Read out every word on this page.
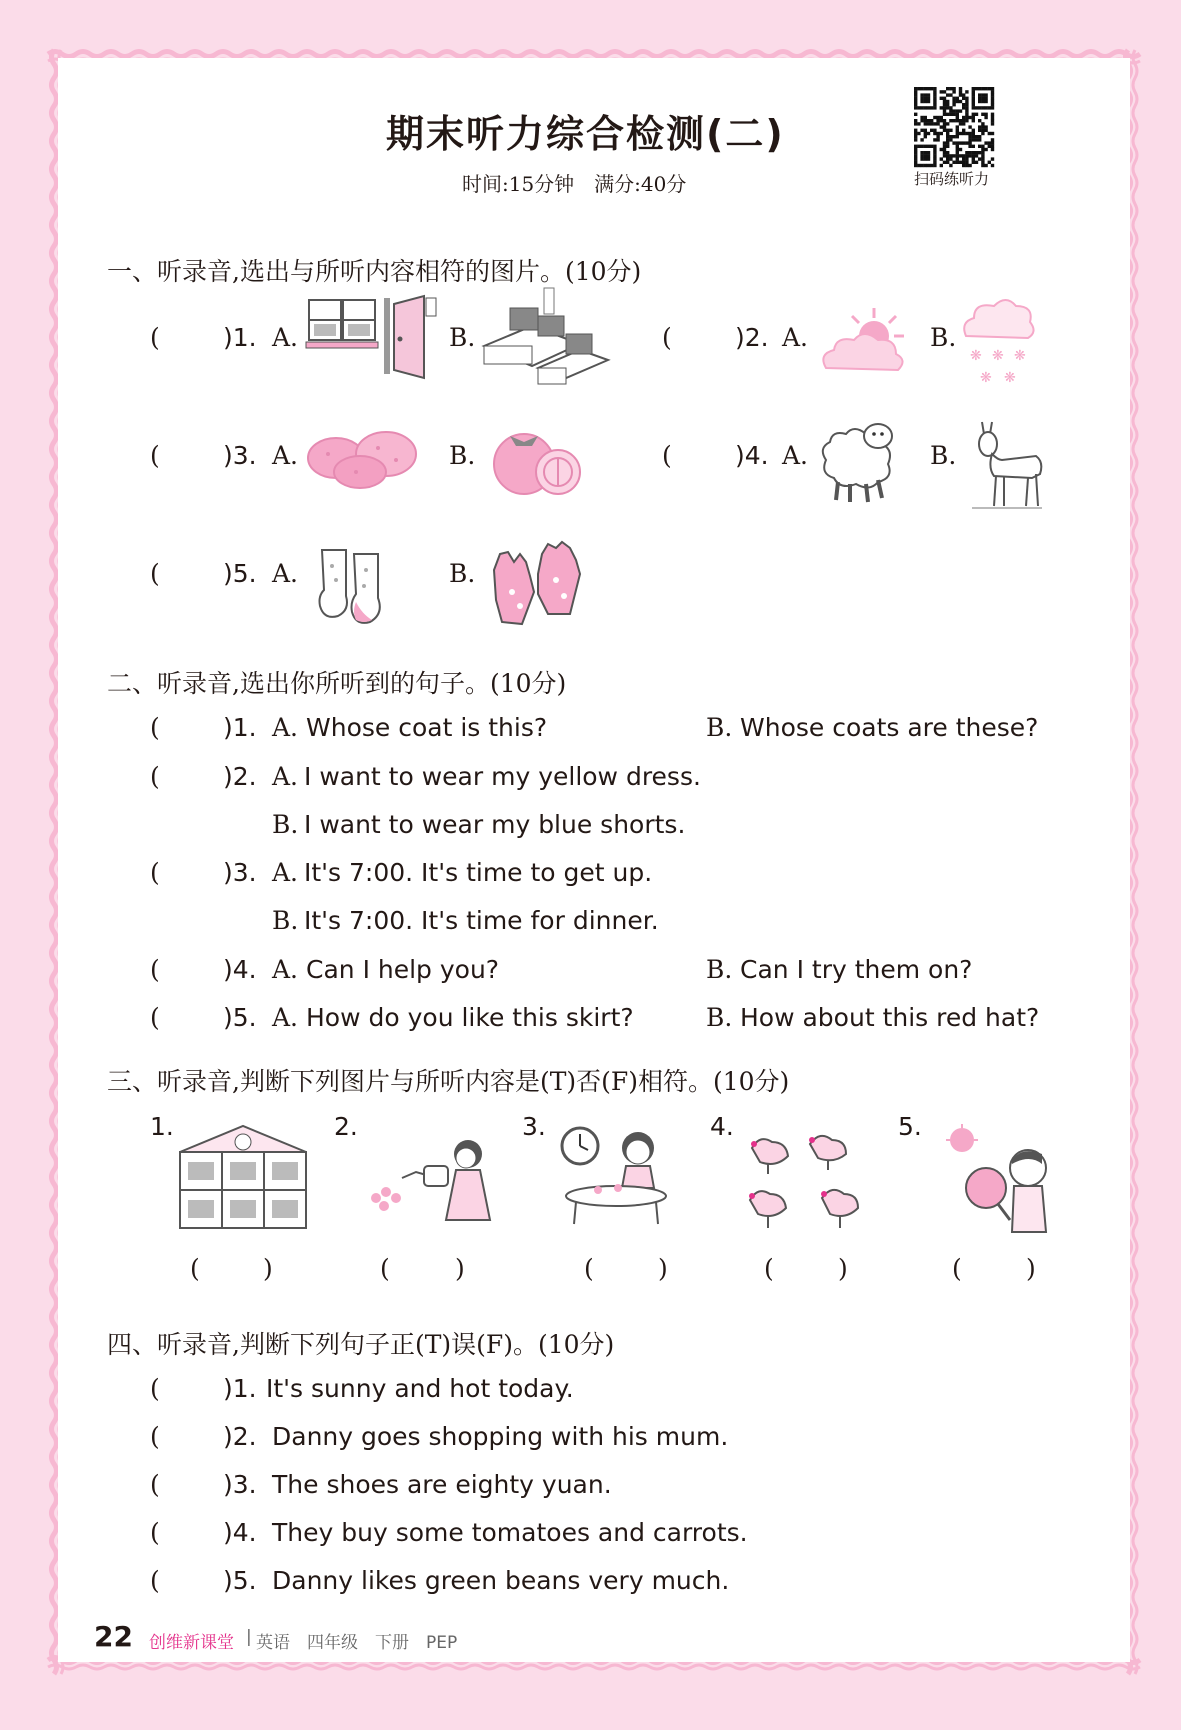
期末听力综合检测(二)
时间:15分钟　满分:40分	扫码练听力
一、听录音,选出与所听内容相符的图片。(10分)
(	)1. A.	B.	(	)2. A.	B.
❋ ❋ ❋
❋ ❋
(	)3. A.	B.	(	)4. A.	B.
(	)5. A.	B.
二、听录音,选出你所听到的句子。(10分)
(	)1. A. Whose coat is this?	B. Whose coats are these?
(	)2. A. I want to wear my yellow dress.
B. I want to wear my blue shorts.
(	)3. A. It's 7:00. It's time to get up.
B. It's 7:00. It's time for dinner.
(	)4. A. Can I help you?	B. Can I try them on?
(	)5. A. How do you like this skirt?	B. How about this red hat?
三、听录音,判断下列图片与所听内容是(T)否(F)相符。(10分)
1.
(	)
2.
(	)
3.
(	)
4.
(	)
5.
(	)
四、听录音,判断下列句子正(T)误(F)。(10分)
(	)1. It's sunny and hot today.
(	)2. Danny goes shopping with his mum.
(	)3. The shoes are eighty yuan.
(	)4. They buy some tomatoes and carrots.
(	)5. Danny likes green beans very much.
22 创维新课堂 | 英语　四年级　下册　PEP
